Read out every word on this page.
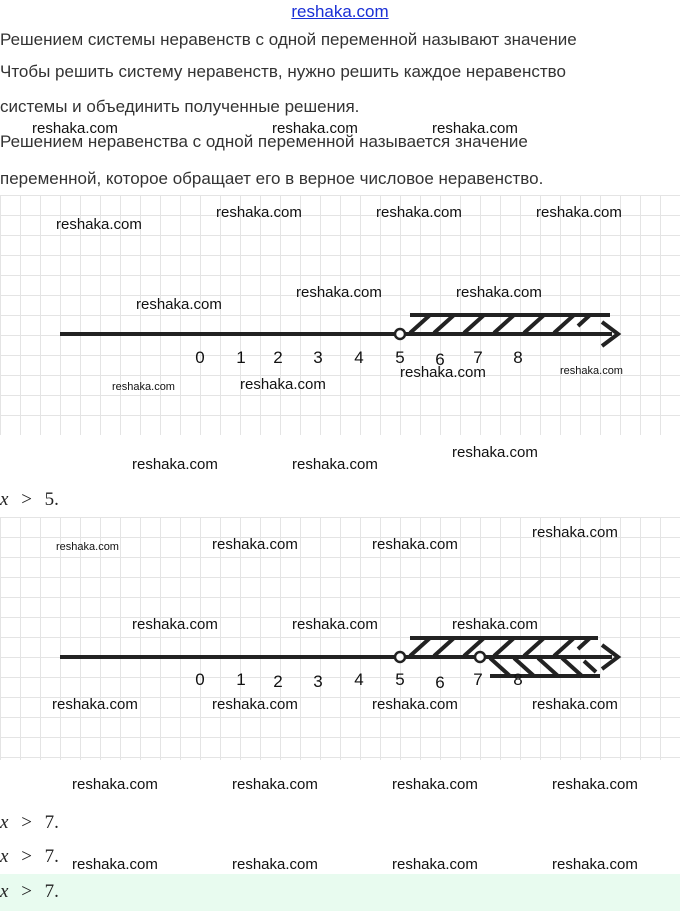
reshaka.com
Решением системы неравенств с одной переменной называют значение
Чтобы решить систему неравенств, нужно решить каждое неравенство
системы и объединить полученные решения.
Решением неравенства с одной переменной называется значение
переменной, которое обращает его в верное числовое неравенство.
reshaka.com	reshaka.com	reshaka.com
0 1 2 3 4 5 6 7 8
reshaka.com
reshaka.com	reshaka.com	reshaka.com
reshaka.com
reshaka.com	reshaka.com
reshaka.com	reshaka.com
reshaka.com	reshaka.com
reshaka.com	reshaka.com
reshaka.com
x > 5.
0 1 2 3 4 5 6 7 8
reshaka.com	reshaka.com	reshaka.com
reshaka.com
reshaka.com	reshaka.com	reshaka.com
reshaka.com	reshaka.com	reshaka.com	reshaka.com
reshaka.com	reshaka.com	reshaka.com	reshaka.com
x > 7.
x > 7.
x > 7.
reshaka.com	reshaka.com	reshaka.com	reshaka.com
